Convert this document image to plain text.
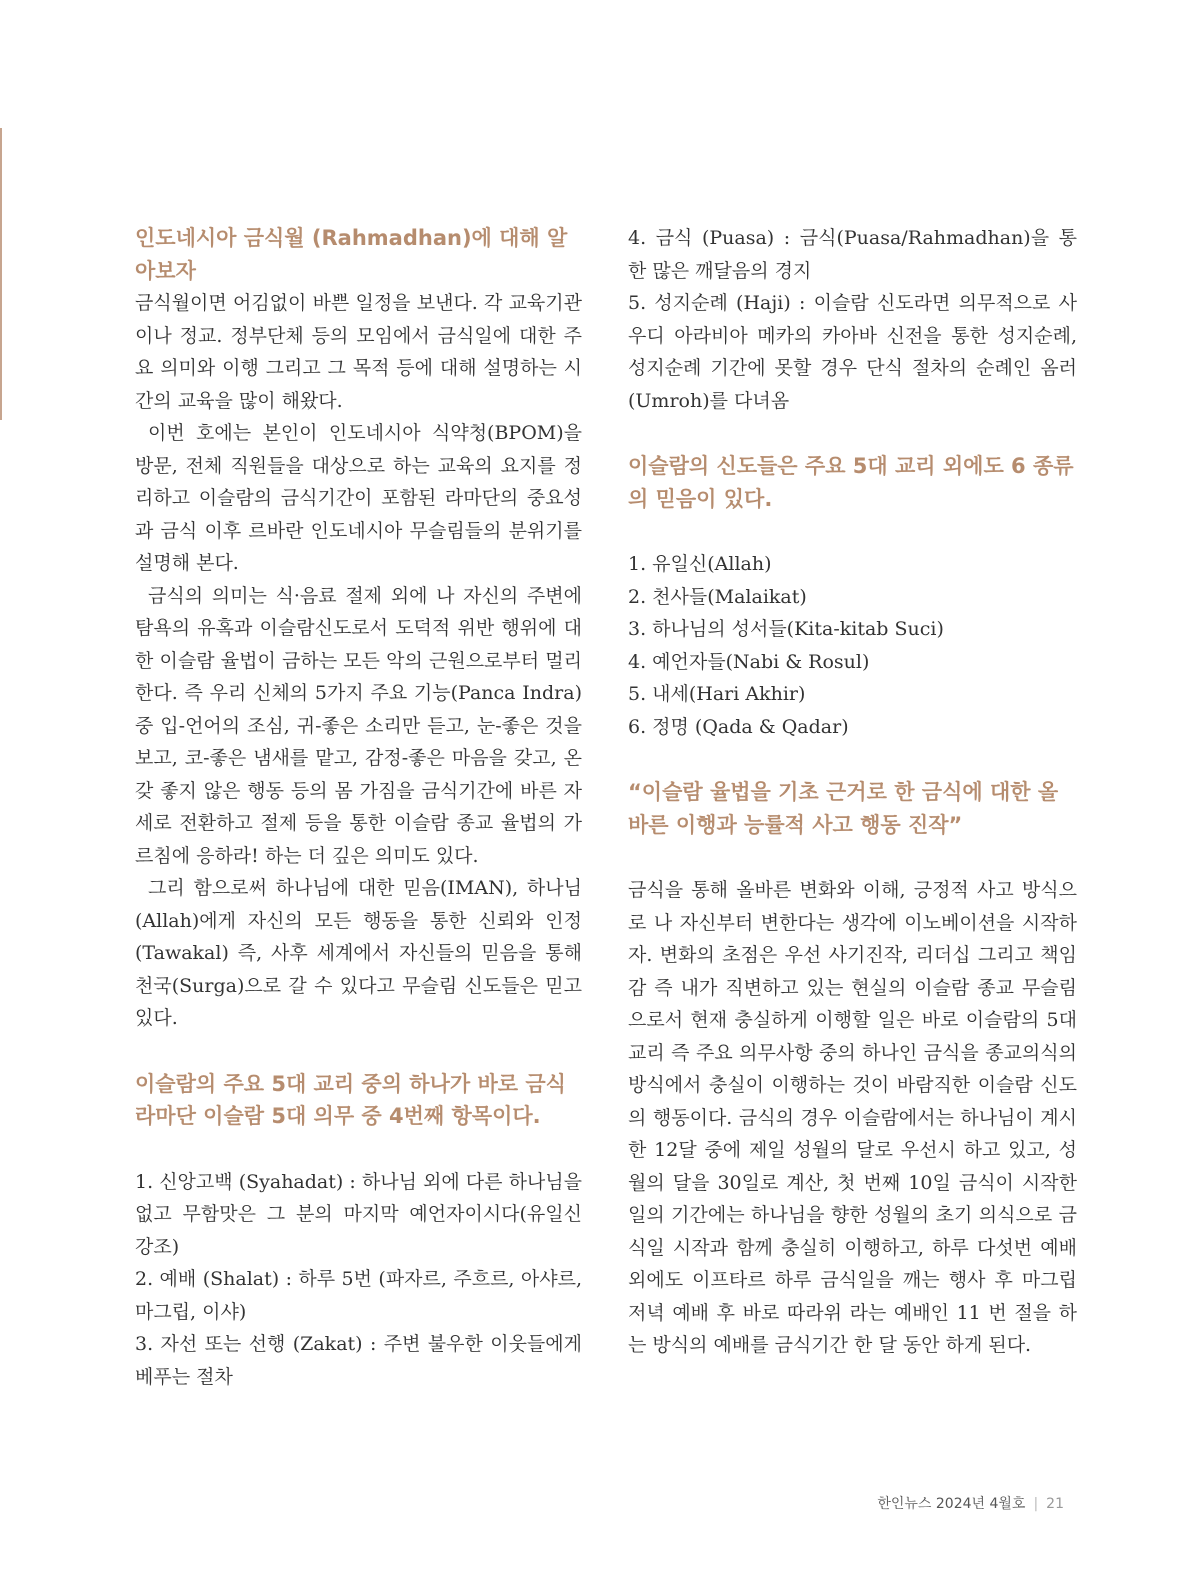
인도네시아 금식월 (Rahmadhan)에 대해 알아보자

금식월이면 어김없이 바쁜 일정을 보낸다. 각 교육기관이나 정교. 정부단체 등의 모임에서 금식일에 대한 주요 의미와 이행 그리고 그 목적 등에 대해 설명하는 시간의 교육을 많이 해왔다.

이번 호에는 본인이 인도네시아 식약청(BPOM)을 방문, 전체 직원들을 대상으로 하는 교육의 요지를 정리하고 이슬람의 금식기간이 포함된 라마단의 중요성과 금식 이후 르바란 인도네시아 무슬림들의 분위기를 설명해 본다.

금식의 의미는 식·음료 절제 외에 나 자신의 주변에 탐욕의 유혹과 이슬람신도로서 도덕적 위반 행위에 대한 이슬람 율법이 금하는 모든 악의 근원으로부터 멀리 한다. 즉 우리 신체의 5가지 주요 기능(Panca Indra) 중 입-언어의 조심, 귀-좋은 소리만 듣고, 눈-좋은 것을 보고, 코-좋은 냄새를 맡고, 감정-좋은 마음을 갖고, 온갖 좋지 않은 행동 등의 몸 가짐을 금식기간에 바른 자세로 전환하고 절제 등을 통한 이슬람 종교 율법의 가르침에 응하라! 하는 더 깊은 의미도 있다.

그리 함으로써 하나님에 대한 믿음(IMAN), 하나님(Allah)에게 자신의 모든 행동을 통한 신뢰와 인정(Tawakal) 즉, 사후 세계에서 자신들의 믿음을 통해 천국(Surga)으로 갈 수 있다고 무슬림 신도들은 믿고 있다.

이슬람의 주요 5대 교리 중의 하나가 바로 금식 라마단 이슬람 5대 의무 중 4번째 항목이다.

1. 신앙고백 (Syahadat) : 하나님 외에 다른 하나님을 없고 무함맛은 그 분의 마지막 예언자이시다(유일신 강조)

2. 예배 (Shalat) : 하루 5번 (파자르, 주흐르, 아샤르, 마그립, 이샤)

3. 자선 또는 선행 (Zakat) : 주변 불우한 이웃들에게 베푸는 절차

4. 금식 (Puasa) : 금식(Puasa/Rahmadhan)을 통한 많은 깨달음의 경지

5. 성지순례 (Haji) : 이슬람 신도라면 의무적으로 사우디 아라비아 메카의 카아바 신전을 통한 성지순례, 성지순례 기간에 못할 경우 단식 절차의 순례인 옴러(Umroh)를 다녀옴

이슬람의 신도들은 주요 5대 교리 외에도 6 종류의 믿음이 있다.

1. 유일신(Allah)

2. 천사들(Malaikat)

3. 하나님의 성서들(Kita-kitab Suci)

4. 예언자들(Nabi & Rosul)

5. 내세(Hari Akhir)

6. 정명 (Qada & Qadar)

“이슬람 율법을 기초 근거로 한 금식에 대한 올바른 이행과 능률적 사고 행동 진작”

금식을 통해 올바른 변화와 이해, 긍정적 사고 방식으로 나 자신부터 변한다는 생각에 이노베이션을 시작하자. 변화의 초점은 우선 사기진작, 리더십 그리고 책임감 즉 내가 직변하고 있는 현실의 이슬람 종교 무슬림으로서 현재 충실하게 이행할 일은 바로 이슬람의 5대 교리 즉 주요 의무사항 중의 하나인 금식을 종교의식의 방식에서 충실이 이행하는 것이 바람직한 이슬람 신도의 행동이다. 금식의 경우 이슬람에서는 하나님이 계시한 12달 중에 제일 성월의 달로 우선시 하고 있고, 성월의 달을 30일로 계산, 첫 번째 10일 금식이 시작한 일의 기간에는 하나님을 향한 성월의 초기 의식으로 금식일 시작과 함께 충실히 이행하고, 하루 다섯번 예배 외에도 이프타르 하루 금식일을 깨는 행사 후 마그립 저녁 예배 후 바로 따라위 라는 예배인 11 번 절을 하는 방식의 예배를 금식기간 한 달 동안 하게 된다.

한인뉴스 2024년 4월호 | 21
